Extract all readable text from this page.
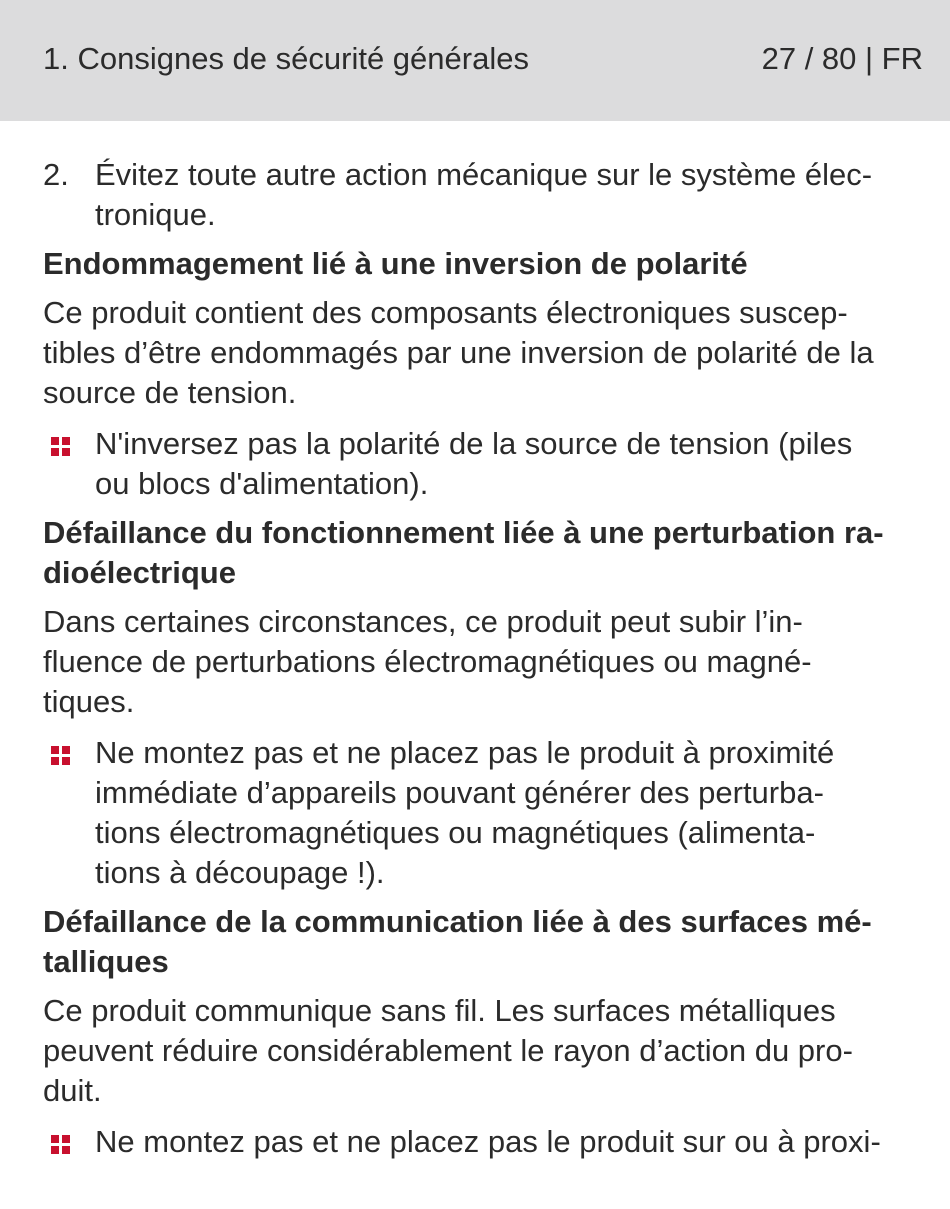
1. Consignes de sécurité générales	27 / 80 | FR
2. Évitez toute autre action mécanique sur le système élec-
tronique.
Endommagement lié à une inversion de polarité
Ce produit contient des composants électroniques suscep-
tibles d’être endommagés par une inversion de polarité de la
source de tension.
N'inversez pas la polarité de la source de tension (piles
ou blocs d'alimentation).
Défaillance du fonctionnement liée à une perturbation ra-
dioélectrique
Dans certaines circonstances, ce produit peut subir l’in-
fluence de perturbations électromagnétiques ou magné-
tiques.
Ne montez pas et ne placez pas le produit à proximité
immédiate d’appareils pouvant générer des perturba-
tions électromagnétiques ou magnétiques (alimenta-
tions à découpage !).
Défaillance de la communication liée à des surfaces mé-
talliques
Ce produit communique sans fil. Les surfaces métalliques
peuvent réduire considérablement le rayon d’action du pro-
duit.
Ne montez pas et ne placez pas le produit sur ou à proxi-
